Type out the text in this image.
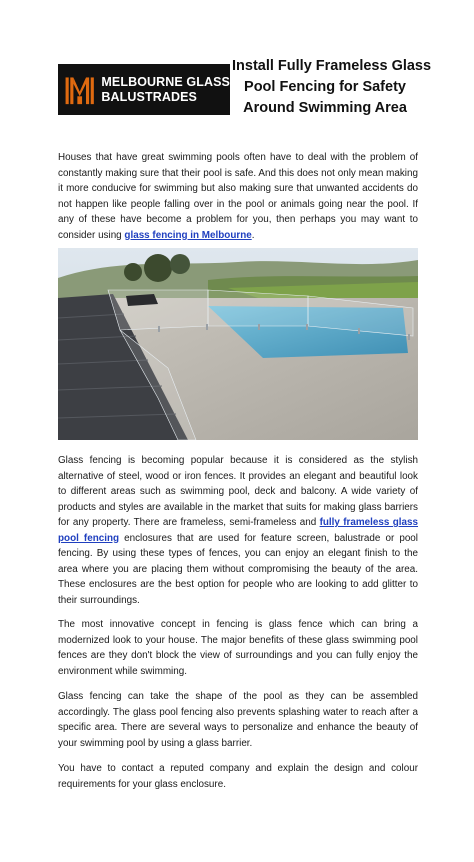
MELBOURNE GLASS
BALUSTRADES
Install Fully Frameless Glass
Pool Fencing for Safety
Around Swimming Area
Houses that have great swimming pools often have to deal with the problem of constantly making sure that their pool is safe. And this does not only mean making it more conducive for swimming but also making sure that unwanted accidents do not happen like people falling over in the pool or animals going near the pool. If any of these have become a problem for you, then perhaps you may want to consider using glass fencing in Melbourne.
Glass fencing is becoming popular because it is considered as the stylish alternative of steel, wood or iron fences. It provides an elegant and beautiful look to different areas such as swimming pool, deck and balcony. A wide variety of products and styles are available in the market that suits for making glass barriers for any property. There are frameless, semi-frameless and fully frameless glass pool fencing enclosures that are used for feature screen, balustrade or pool fencing. By using these types of fences, you can enjoy an elegant finish to the area where you are placing them without compromising the beauty of the area. These enclosures are the best option for people who are looking to add glitter to their surroundings.
The most innovative concept in fencing is glass fence which can bring a modernized look to your house. The major benefits of these glass swimming pool fences are they don't block the view of surroundings and you can fully enjoy the environment while swimming.
Glass fencing can take the shape of the pool as they can be assembled accordingly. The glass pool fencing also prevents splashing water to reach after a specific area. There are several ways to personalize and enhance the beauty of your swimming pool by using a glass barrier.
You have to contact a reputed company and explain the design and colour requirements for your glass enclosure.
